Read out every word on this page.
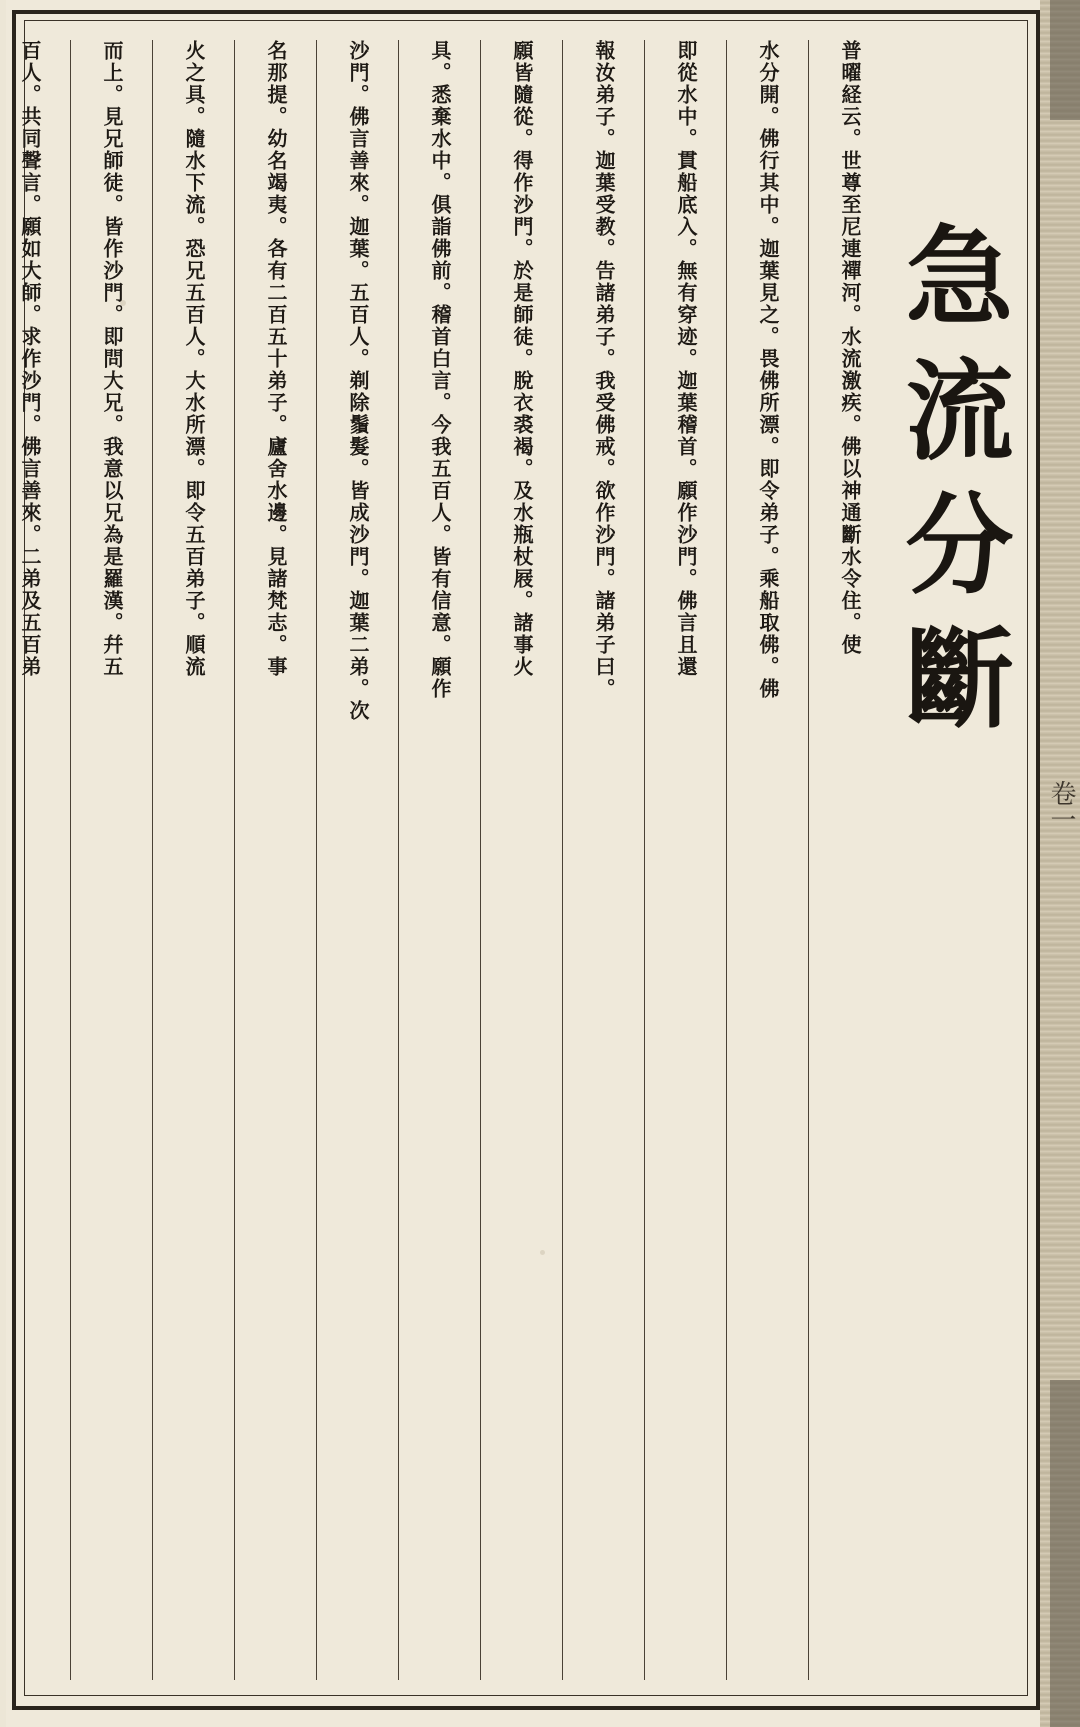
卷一
急流分斷
普曜経云。世尊至尼連禪河。水流激疾。佛以神通斷水令住。使
水分開。佛行其中。迦葉見之。畏佛所漂。即令弟子。乘船取佛。佛
即從水中。貫船底入。無有穿迹。迦葉稽首。願作沙門。佛言且還
報汝弟子。迦葉受教。告諸弟子。我受佛戒。欲作沙門。諸弟子曰。
願皆隨從。得作沙門。於是師徒。脫衣裘褐。及水瓶杖屐。諸事火
具。悉棄水中。俱詣佛前。稽首白言。今我五百人。皆有信意。願作
沙門。佛言善來。迦葉。五百人。剃除鬚髮。皆成沙門。迦葉二弟。次
名那提。幼名竭夷。各有二百五十弟子。廬舍水邊。見諸梵志。事
火之具。隨水下流。恐兄五百人。大水所漂。即令五百弟子。順流
而上。見兄師徒。皆作沙門。即問大兄。我意以兄為是羅漢。幷五
百人。共同聲言。願如大師。求作沙門。佛言善來。二弟及五百弟
